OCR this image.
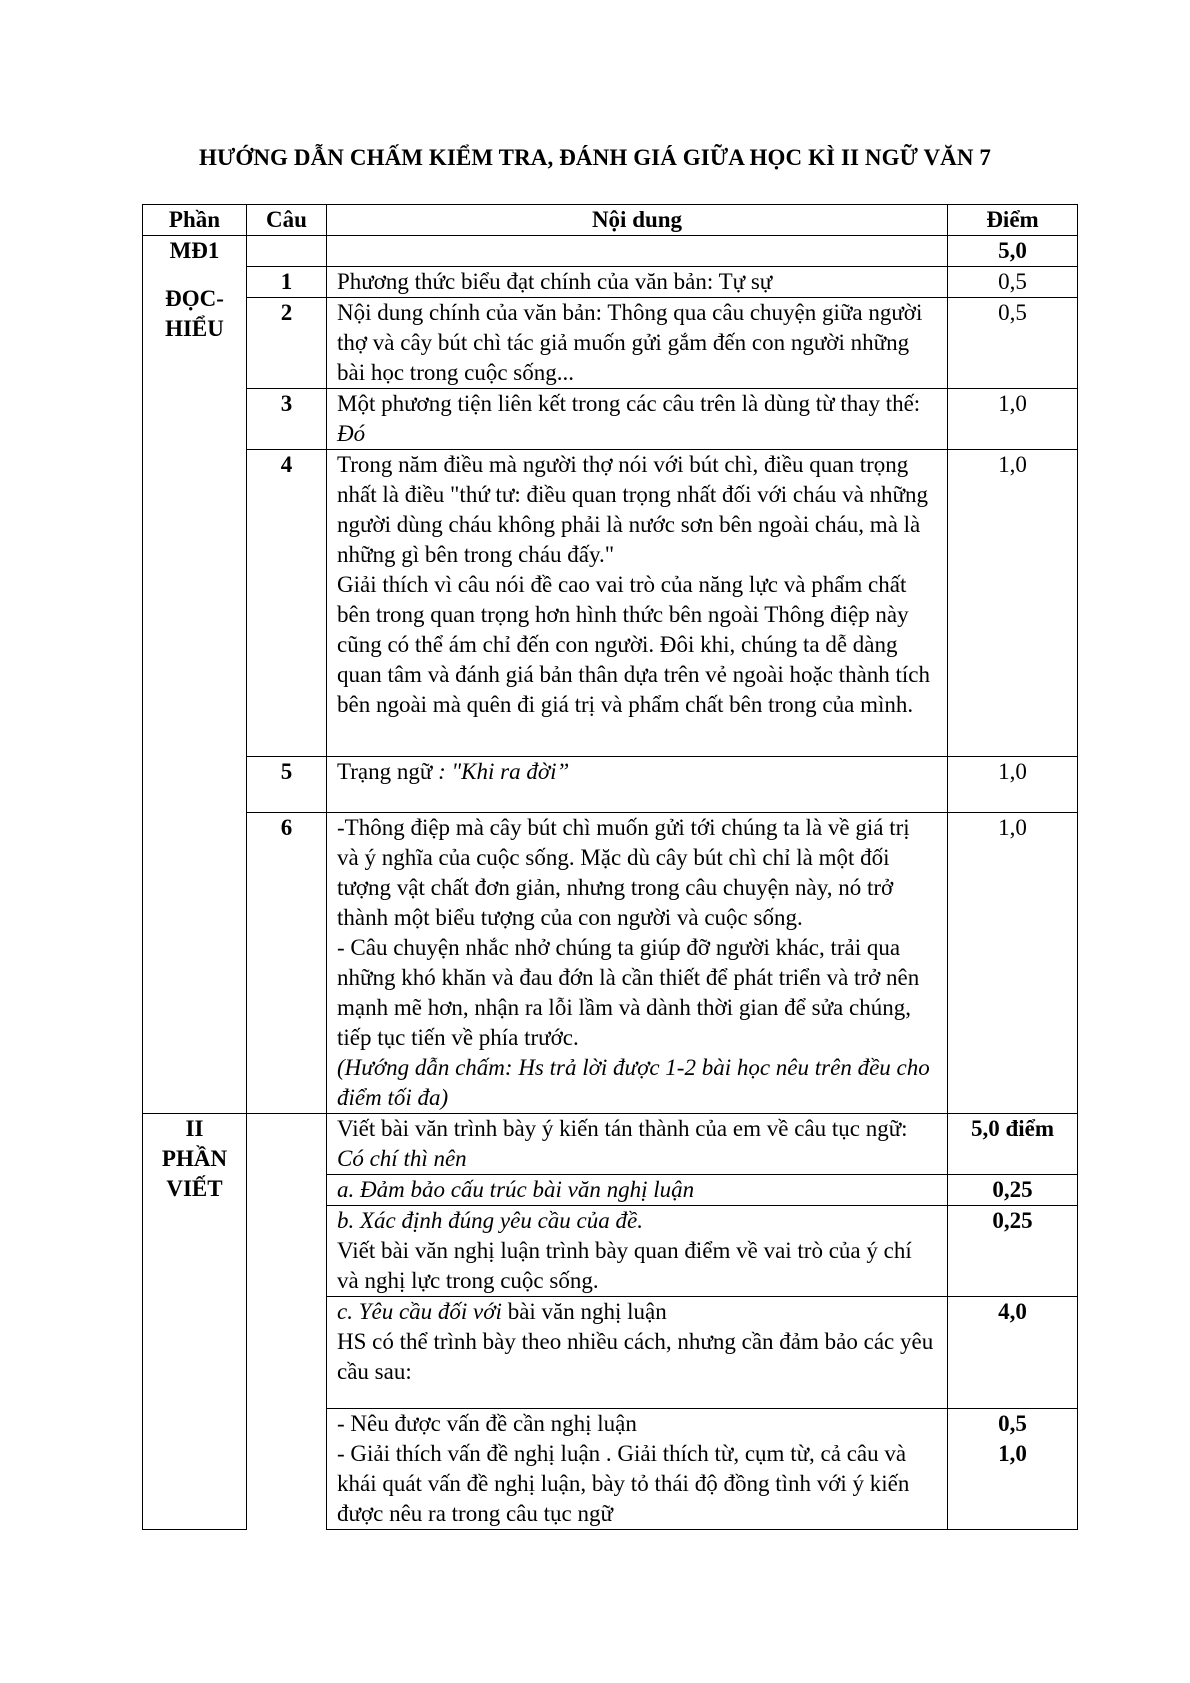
HƯỚNG DẪN CHẤM KIỂM TRA, ĐÁNH GIÁ GIỮA HỌC KÌ II NGỮ VĂN 7
Phần	Câu	Nội dung	Điểm

MĐ1
ĐỌC-
HIỂU			5,0
	1	Phương thức biểu đạt chính của văn bản: Tự sự	0,5
	2	Nội dung chính của văn bản: Thông qua câu chuyện giữa người thợ và cây bút chì tác giả muốn gửi gắm đến con người những bài học trong cuộc sống...	0,5
	3	Một phương tiện liên kết trong các câu trên là dùng từ thay thế:
Đó	1,0
	4	Trong năm điều mà người thợ nói với bút chì, điều quan trọng nhất là điều "thứ tư: điều quan trọng nhất đối với cháu và những người dùng cháu không phải là nước sơn bên ngoài cháu, mà là những gì bên trong cháu đấy."
Giải thích vì câu nói đề cao vai trò của năng lực và phẩm chất bên trong quan trọng hơn hình thức bên ngoài Thông điệp này cũng có thể ám chỉ đến con người. Đôi khi, chúng ta dễ dàng quan tâm và đánh giá bản thân dựa trên vẻ ngoài hoặc thành tích bên ngoài mà quên đi giá trị và phẩm chất bên trong của mình.	1,0
	5	Trạng ngữ : "Khi ra đời”	1,0
	6	-Thông điệp mà cây bút chì muốn gửi tới chúng ta là về giá trị và ý nghĩa của cuộc sống. Mặc dù cây bút chì chỉ là một đối tượng vật chất đơn giản, nhưng trong câu chuyện này, nó trở thành một biểu tượng của con người và cuộc sống.
- Câu chuyện nhắc nhở chúng ta giúp đỡ người khác, trải qua những khó khăn và đau đớn là cần thiết để phát triển và trở nên mạnh mẽ hơn, nhận ra lỗi lầm và dành thời gian để sửa chúng, tiếp tục tiến về phía trước.
(Hướng dẫn chấm: Hs trả lời được 1-2 bài học nêu trên đều cho điểm tối đa)	1,0

II
PHẦN
VIẾT		Viết bài văn trình bày ý kiến tán thành của em về câu tục ngữ: Có chí thì nên	5,0 điểm
		a. Đảm bảo cấu trúc bài văn nghị luận	0,25

		b. Xác định đúng yêu cầu của đề.
Viết bài văn nghị luận trình bày quan điểm về vai trò của ý chí và nghị lực trong cuộc sống.	0,25
		c. Yêu cầu đối với bài văn nghị luận
HS có thể trình bày theo nhiều cách, nhưng cần đảm bảo các yêu cầu sau:	4,0

		- Nêu được vấn đề cần nghị luận
- Giải thích vấn đề nghị luận . Giải thích từ, cụm từ, cả câu và khái quát vấn đề nghị luận, bày tỏ thái độ đồng tình với ý kiến được nêu ra trong câu tục ngữ	0,5
1,0
